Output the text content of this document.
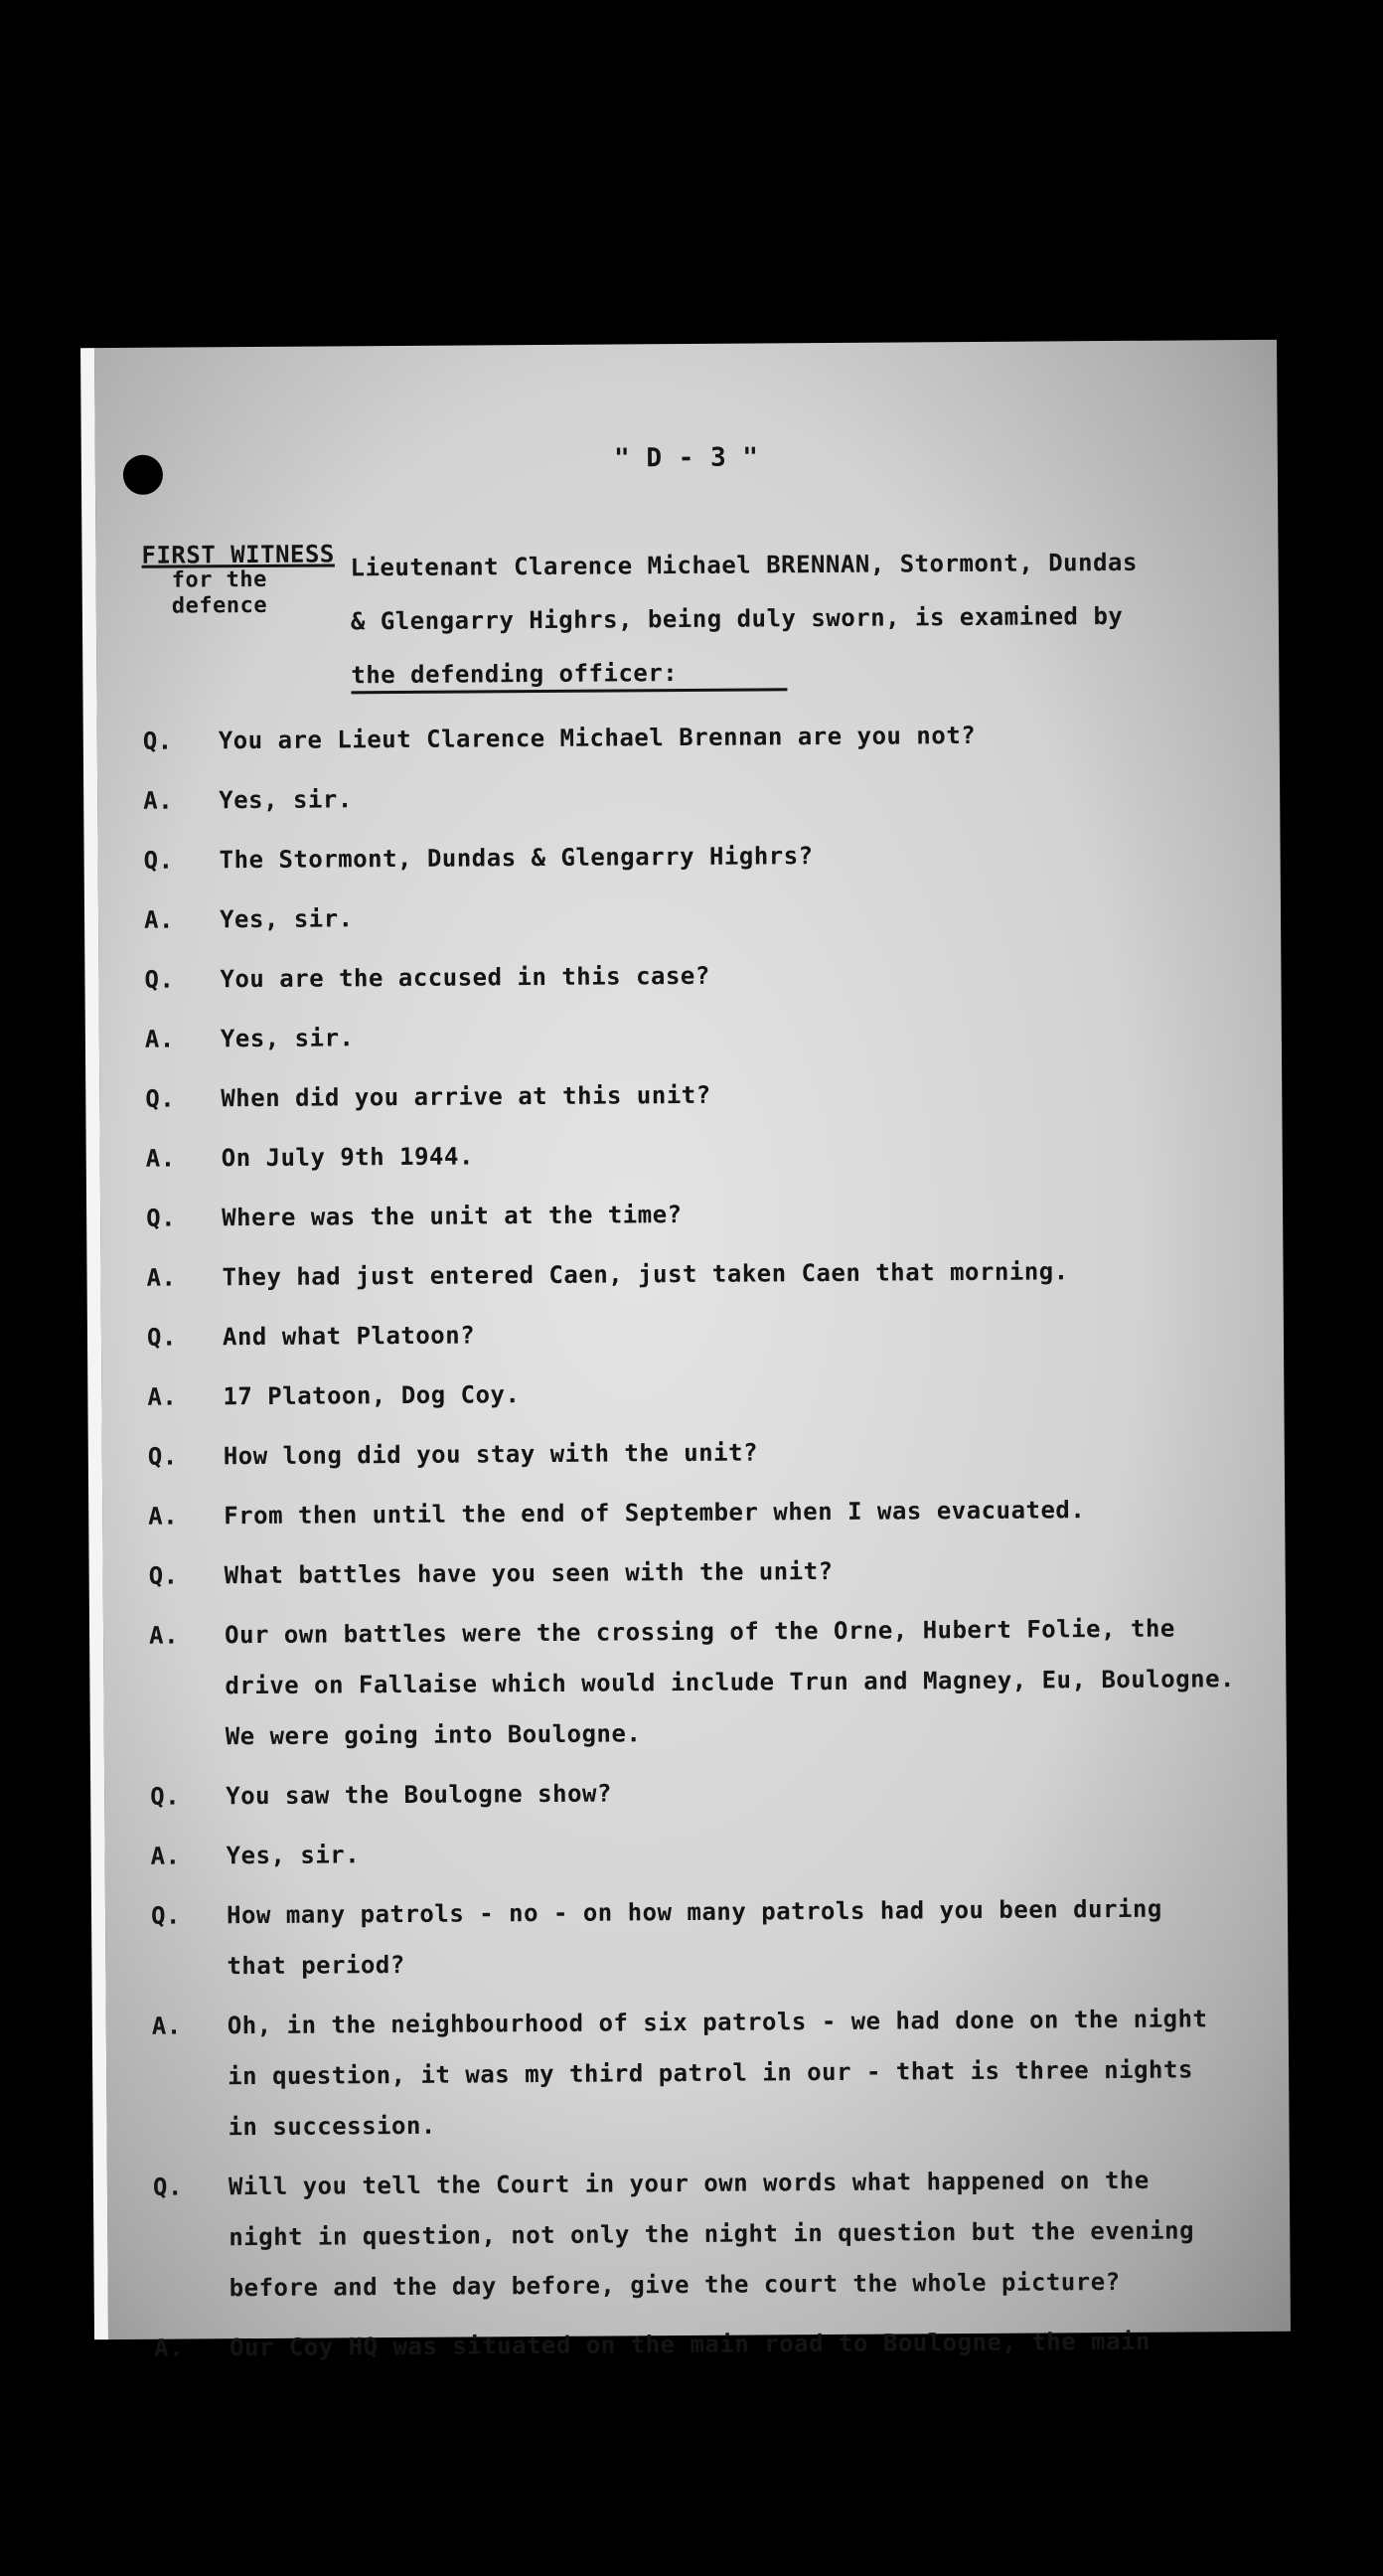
" D - 3 "
FIRST WITNESS
for the
defence
Lieutenant Clarence Michael BRENNAN, Stormont, Dundas
& Glengarry Highrs, being duly sworn, is examined by
the defending officer:
Q.	You are Lieut Clarence Michael Brennan are you not?
A.	Yes, sir.
Q.	The Stormont, Dundas & Glengarry Highrs?
A.	Yes, sir.
Q.	You are the accused in this case?
A.	Yes, sir.
Q.	When did you arrive at this unit?
A.	On July 9th 1944.
Q.	Where was the unit at the time?
A.	They had just entered Caen, just taken Caen that morning.
Q.	And what Platoon?
A.	17 Platoon, Dog Coy.
Q.	How long did you stay with the unit?
A.	From then until the end of September when I was evacuated.
Q.	What battles have you seen with the unit?
A.	Our own battles were the crossing of the Orne, Hubert Folie, the
drive on Fallaise which would include Trun and Magney, Eu, Boulogne.
We were going into Boulogne.
Q.	You saw the Boulogne show?
A.	Yes, sir.
Q.	How many patrols - no - on how many patrols had you been during
that period?
A.	Oh, in the neighbourhood of six patrols - we had done on the night
in question, it was my third patrol in our - that is three nights
in succession.
Q.	Will you tell the Court in your own words what happened on the
night in question, not only the night in question but the evening
before and the day before, give the court the whole picture?
A.	Our Coy HQ was situated on the main road to Boulogne, the main
